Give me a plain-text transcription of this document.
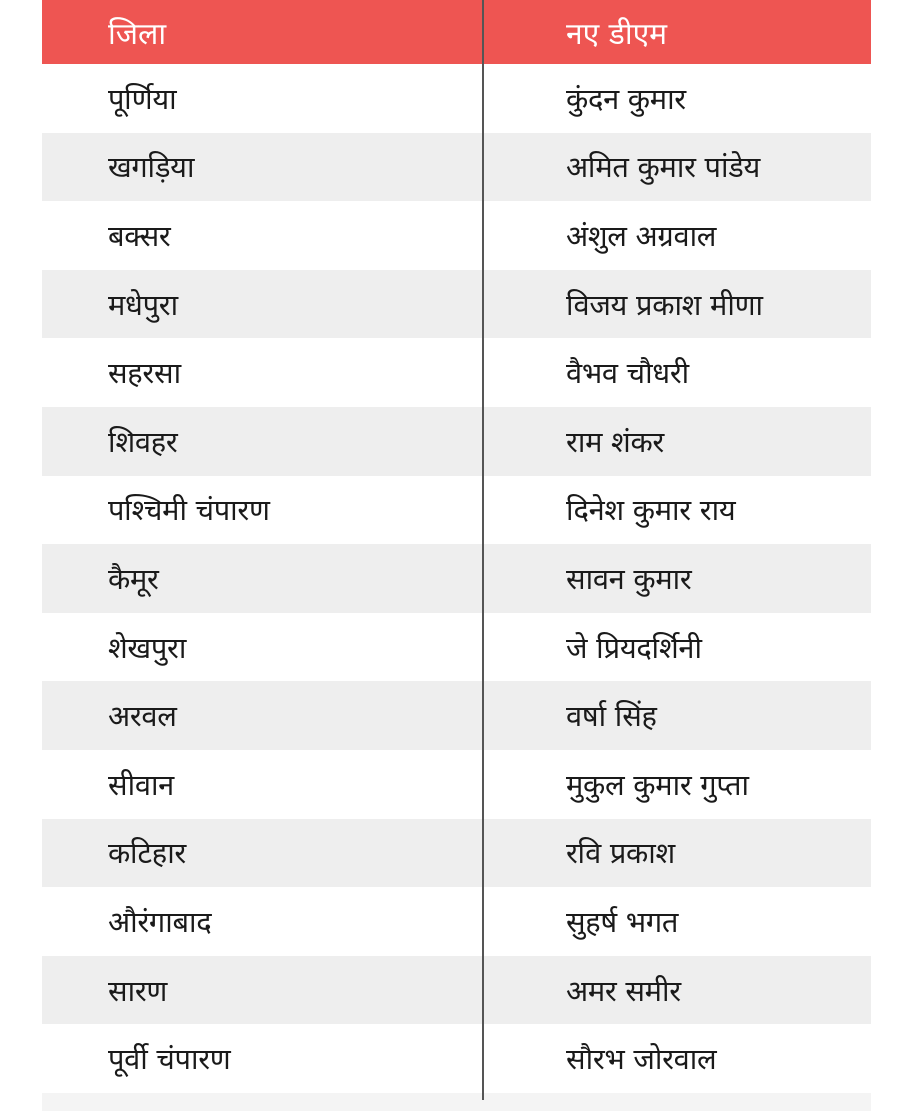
जिला	नए डीएम
पूर्णिया	कुंदन कुमार
खगड़िया	अमित कुमार पांडेय
बक्सर	अंशुल अग्रवाल
मधेपुरा	विजय प्रकाश मीणा
सहरसा	वैभव चौधरी
शिवहर	राम शंकर
पश्चिमी चंपारण	दिनेश कुमार राय
कैमूर	सावन कुमार
शेखपुरा	जे प्रियदर्शिनी
अरवल	वर्षा सिंह
सीवान	मुकुल कुमार गुप्ता
कटिहार	रवि प्रकाश
औरंगाबाद	सुहर्ष भगत
सारण	अमर समीर
पूर्वी चंपारण	सौरभ जोरवाल
